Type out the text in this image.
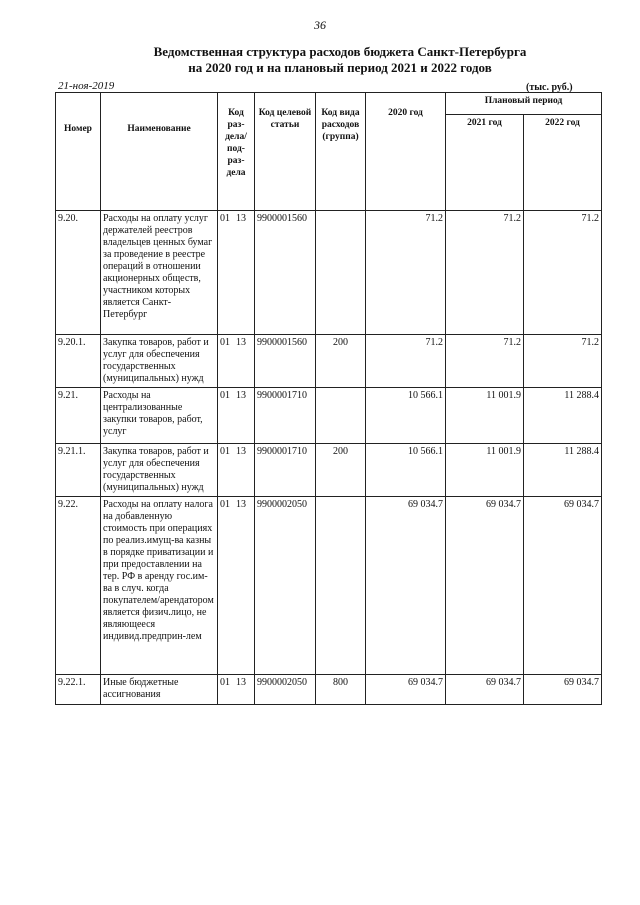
36
Ведомственная структура расходов бюджета Санкт-Петербурга
на 2020 год и на плановый период 2021 и 2022 годов
21-ноя-2019	(тыс. руб.)
Номер	Наименование	Код раз-дела/ под-раз-дела	Код целевой статьи	Код вида расходов (группа)	2020 год	Плановый период	
						2021 год	2022 год
9.20.	Расходы на оплату услуг держателей реестров владельцев ценных бумаг за проведение в реестре операций в отношении акционерных обществ, участником которых является Санкт-Петербург	01 13	9900001560		71.2	71.2	71.2
9.20.1.	Закупка товаров, работ и услуг для обеспечения государственных (муниципальных) нужд	01 13	9900001560	200	71.2	71.2	71.2
9.21.	Расходы на централизованные закупки товаров, работ, услуг	01 13	9900001710		10 566.1	11 001.9	11 288.4
9.21.1.	Закупка товаров, работ и услуг для обеспечения государственных (муниципальных) нужд	01 13	9900001710	200	10 566.1	11 001.9	11 288.4
9.22.	Расходы на оплату налога на добавленную стоимость при операциях по реализ.имущ-ва казны в порядке приватизации и при предоставлении на тер. РФ в аренду гос.им-ва в случ. когда покупателем/арендатором является физич.лицо, не являющееся индивид.предприн-лем	01 13	9900002050		69 034.7	69 034.7	69 034.7
9.22.1.	Иные бюджетные ассигнования	01 13	9900002050	800	69 034.7	69 034.7	69 034.7
